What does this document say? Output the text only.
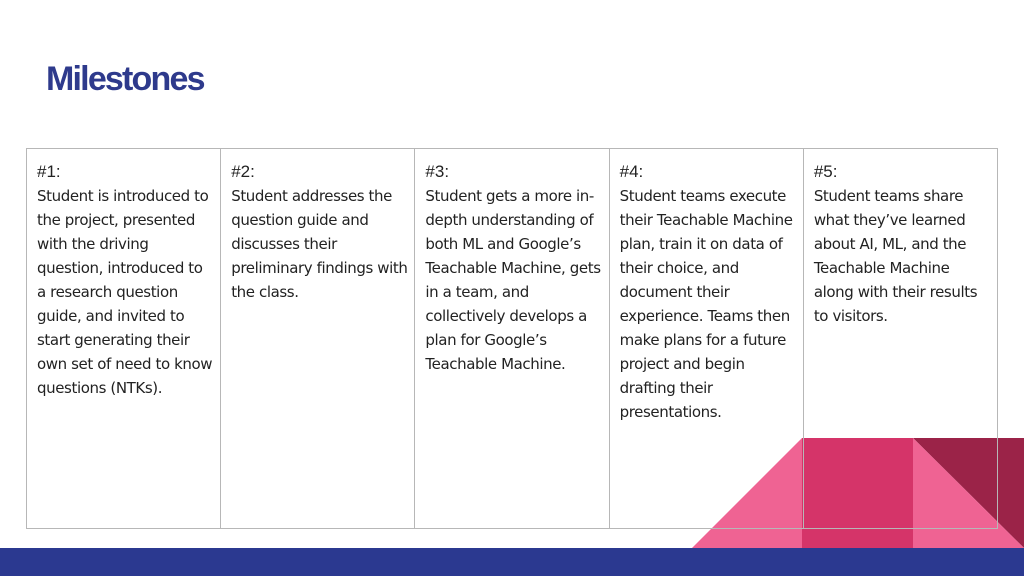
Milestones
#1:
Student is introduced to the project, presented with the driving question, introduced to a research question guide, and invited to start generating their own set of need to know questions (NTKs).
#2:
Student addresses the question guide and discusses their preliminary findings with the class.
#3:
Student gets a more in-depth understanding of both ML and Google’s Teachable Machine, gets in a team, and collectively develops a plan for Google’s Teachable Machine.
#4:
Student teams execute their Teachable Machine plan, train it on data of their choice, and document their experience. Teams then make plans for a future project and begin drafting their presentations.
#5:
Student teams share what they’ve learned about AI, ML, and the Teachable Machine along with their results to visitors.
